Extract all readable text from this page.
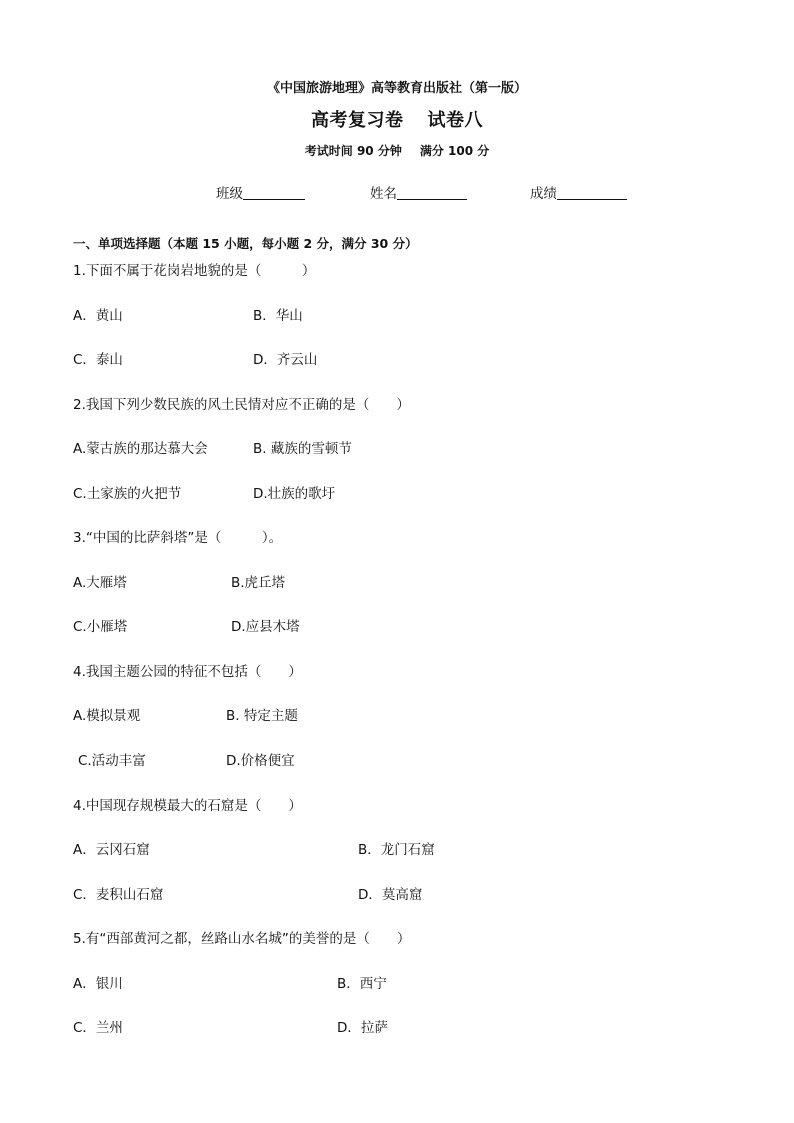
《中国旅游地理》高等教育出版社（第一版）
高考复习卷 试卷八
考试时间 90 分钟 满分 100 分
班级	姓名	成绩
一、单项选择题（本题 15 小题，每小题 2 分，满分 30 分）
1.下面不属于花岗岩地貌的是（　　　）
A．黄山	B．华山
C．泰山	D．齐云山
2.我国下列少数民族的风土民情对应不正确的是（　　）
A.蒙古族的那达慕大会	B. 藏族的雪顿节
C.土家族的火把节	D.壮族的歌圩
3.“中国的比萨斜塔”是（　　　）。
A.大雁塔	B.虎丘塔
C.小雁塔	D.应县木塔
4.我国主题公园的特征不包括（　　）
A.模拟景观	B. 特定主题
C.活动丰富	D.价格便宜
4.中国现存规模最大的石窟是（　　）
A．云冈石窟	B．龙门石窟
C．麦积山石窟	D．莫高窟
5.有“西部黄河之都，丝路山水名城”的美誉的是（　　）
A．银川	B．西宁
C．兰州	D．拉萨
